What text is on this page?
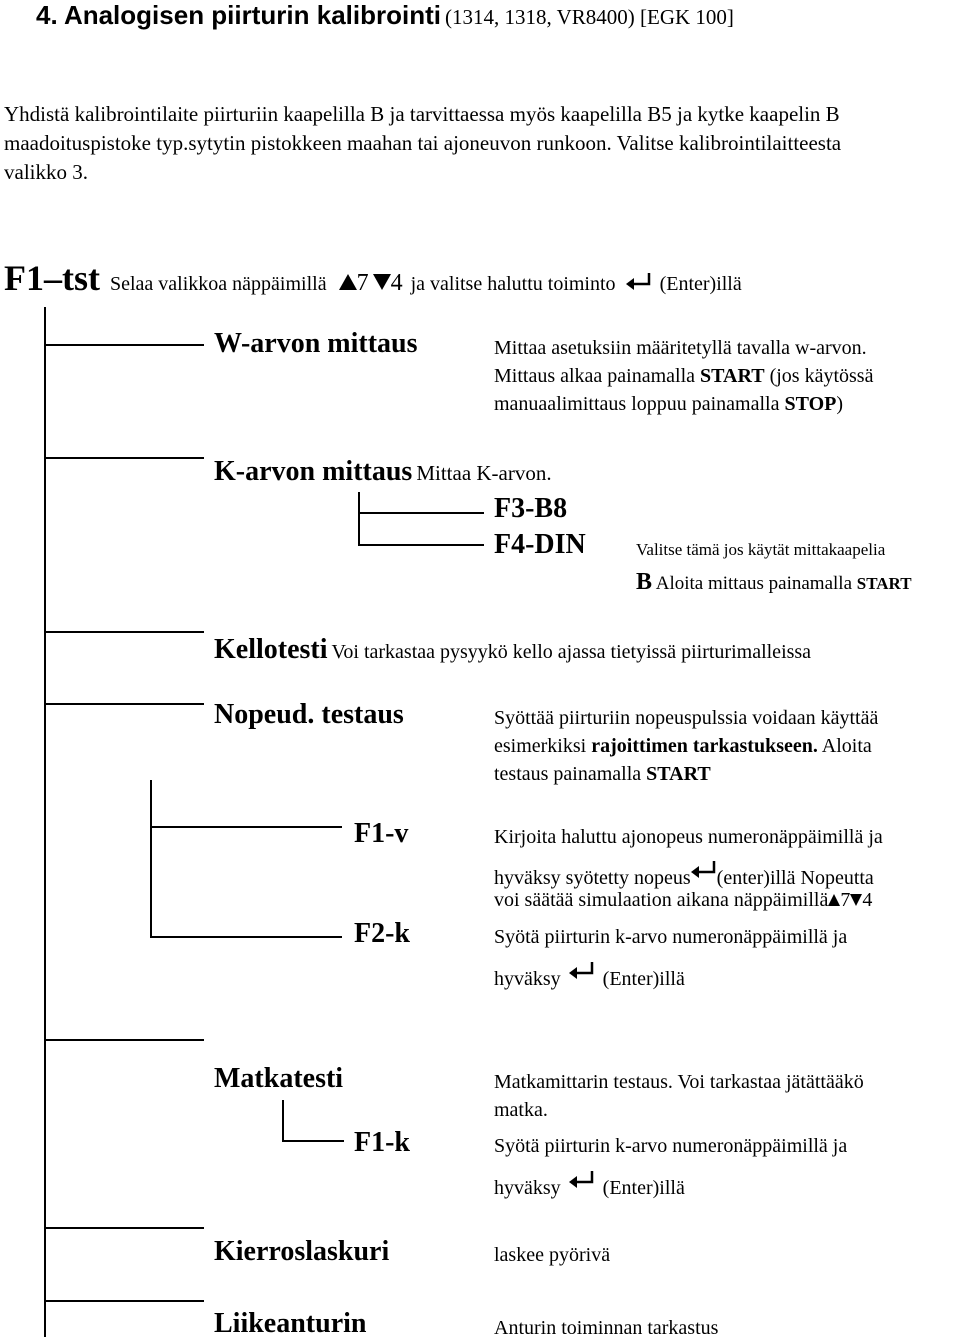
4. Analogisen piirturin kalibrointi (1314, 1318, VR8400) [EGK 100]
Yhdistä kalibrointilaite piirturiin kaapelilla B ja tarvittaessa myös kaapelilla B5 ja kytke kaapelin B
maadoituspistoke typ.sytytin pistokkeen maahan tai ajoneuvon runkoon. Valitse kalibrointilaitteesta
valikko 3.
F1–tst Selaa valikkoa näppäimillä 7 4 ja valitse haluttu toiminto (Enter)illä
W-arvon mittaus	Mittaa asetuksiin määritetyllä tavalla w-arvon.
Mittaus alkaa painamalla START (jos käytössä
manuaalimittaus loppuu painamalla STOP)
K-arvon mittaus Mittaa K-arvon.
F3-B8
F4-DIN	Valitse tämä jos käytät mittakaapelia
B Aloita mittaus painamalla START
Kellotesti Voi tarkastaa pysyykö kello ajassa tietyissä piirturimalleissa
Nopeud. testaus	Syöttää piirturiin nopeuspulssia voidaan käyttää
esimerkiksi rajoittimen tarkastukseen. Aloita
testaus painamalla START
F1-v	Kirjoita haluttu ajonopeus numeronäppäimillä ja
hyväksy syötetty nopeus (enter)illä Nopeutta
voi säätää simulaation aikana näppäimillä 7 4
F2-k	Syötä piirturin k-arvo numeronäppäimillä ja
hyväksy (Enter)illä
Matkatesti	Matkamittarin testaus. Voi tarkastaa jätättääkö
matka.
F1-k	Syötä piirturin k-arvo numeronäppäimillä ja
hyväksy (Enter)illä
Kierroslaskuri	laskee pyörivä
Liikeanturin	Anturin toiminnan tarkastus
